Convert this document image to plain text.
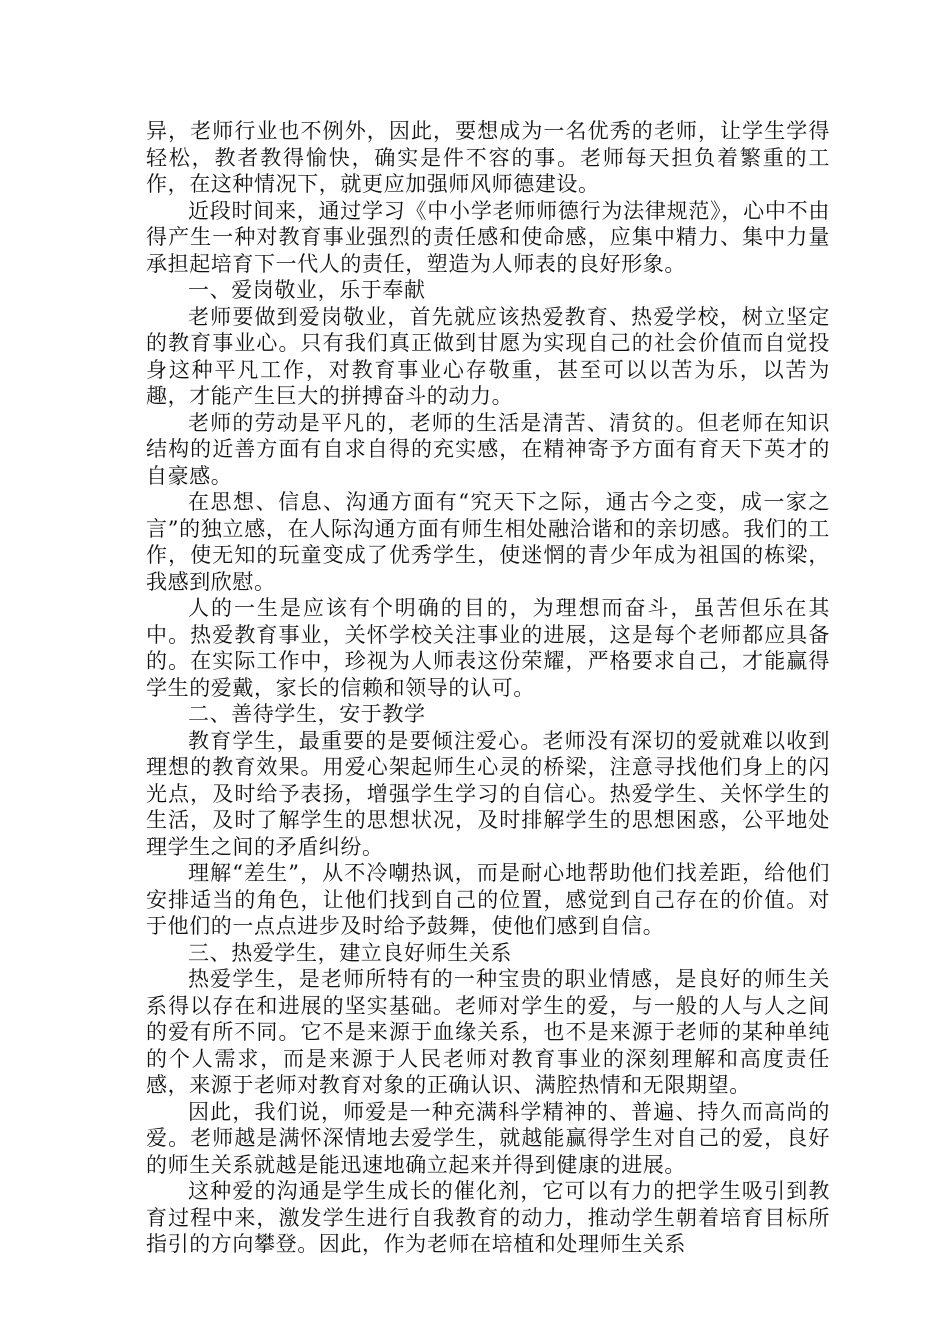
异，老师行业也不例外，因此，要想成为一名优秀的老师，让学生学得轻松，教者教得愉快，确实是件不容的事。老师每天担负着繁重的工作，在这种情况下，就更应加强师风师德建设。

近段时间来，通过学习《中小学老师师德行为法律规范》，心中不由得产生一种对教育事业强烈的责任感和使命感，应集中精力、集中力量承担起培育下一代人的责任，塑造为人师表的良好形象。

一、爱岗敬业，乐于奉献

老师要做到爱岗敬业，首先就应该热爱教育、热爱学校，树立坚定的教育事业心。只有我们真正做到甘愿为实现自己的社会价值而自觉投身这种平凡工作，对教育事业心存敬重，甚至可以以苦为乐，以苦为趣，才能产生巨大的拼搏奋斗的动力。

老师的劳动是平凡的，老师的生活是清苦、清贫的。但老师在知识结构的近善方面有自求自得的充实感，在精神寄予方面有育天下英才的自豪感。

在思想、信息、沟通方面有“究天下之际，通古今之变，成一家之言”的独立感，在人际沟通方面有师生相处融洽谐和的亲切感。我们的工作，使无知的玩童变成了优秀学生，使迷惘的青少年成为祖国的栋梁，我感到欣慰。

人的一生是应该有个明确的目的，为理想而奋斗，虽苦但乐在其中。热爱教育事业，关怀学校关注事业的进展，这是每个老师都应具备的。在实际工作中，珍视为人师表这份荣耀，严格要求自己，才能赢得学生的爱戴，家长的信赖和领导的认可。

二、善待学生，安于教学

教育学生，最重要的是要倾注爱心。老师没有深切的爱就难以收到理想的教育效果。用爱心架起师生心灵的桥梁，注意寻找他们身上的闪光点，及时给予表扬，增强学生学习的自信心。热爱学生、关怀学生的生活，及时了解学生的思想状况，及时排解学生的思想困惑，公平地处理学生之间的矛盾纠纷。

理解“差生”，从不冷嘲热讽，而是耐心地帮助他们找差距，给他们安排适当的角色，让他们找到自己的位置，感觉到自己存在的价值。对于他们的一点点进步及时给予鼓舞，使他们感到自信。

三、热爱学生，建立良好师生关系

热爱学生，是老师所特有的一种宝贵的职业情感，是良好的师生关系得以存在和进展的坚实基础。老师对学生的爱，与一般的人与人之间的爱有所不同。它不是来源于血缘关系，也不是来源于老师的某种单纯的个人需求，而是来源于人民老师对教育事业的深刻理解和高度责任感，来源于老师对教育对象的正确认识、满腔热情和无限期望。

因此，我们说，师爱是一种充满科学精神的、普遍、持久而高尚的爱。老师越是满怀深情地去爱学生，就越能赢得学生对自己的爱，良好的师生关系就越是能迅速地确立起来并得到健康的进展。

这种爱的沟通是学生成长的催化剂，它可以有力的把学生吸引到教育过程中来，激发学生进行自我教育的动力，推动学生朝着培育目标所指引的方向攀登。因此，作为老师在培植和处理师生关系
